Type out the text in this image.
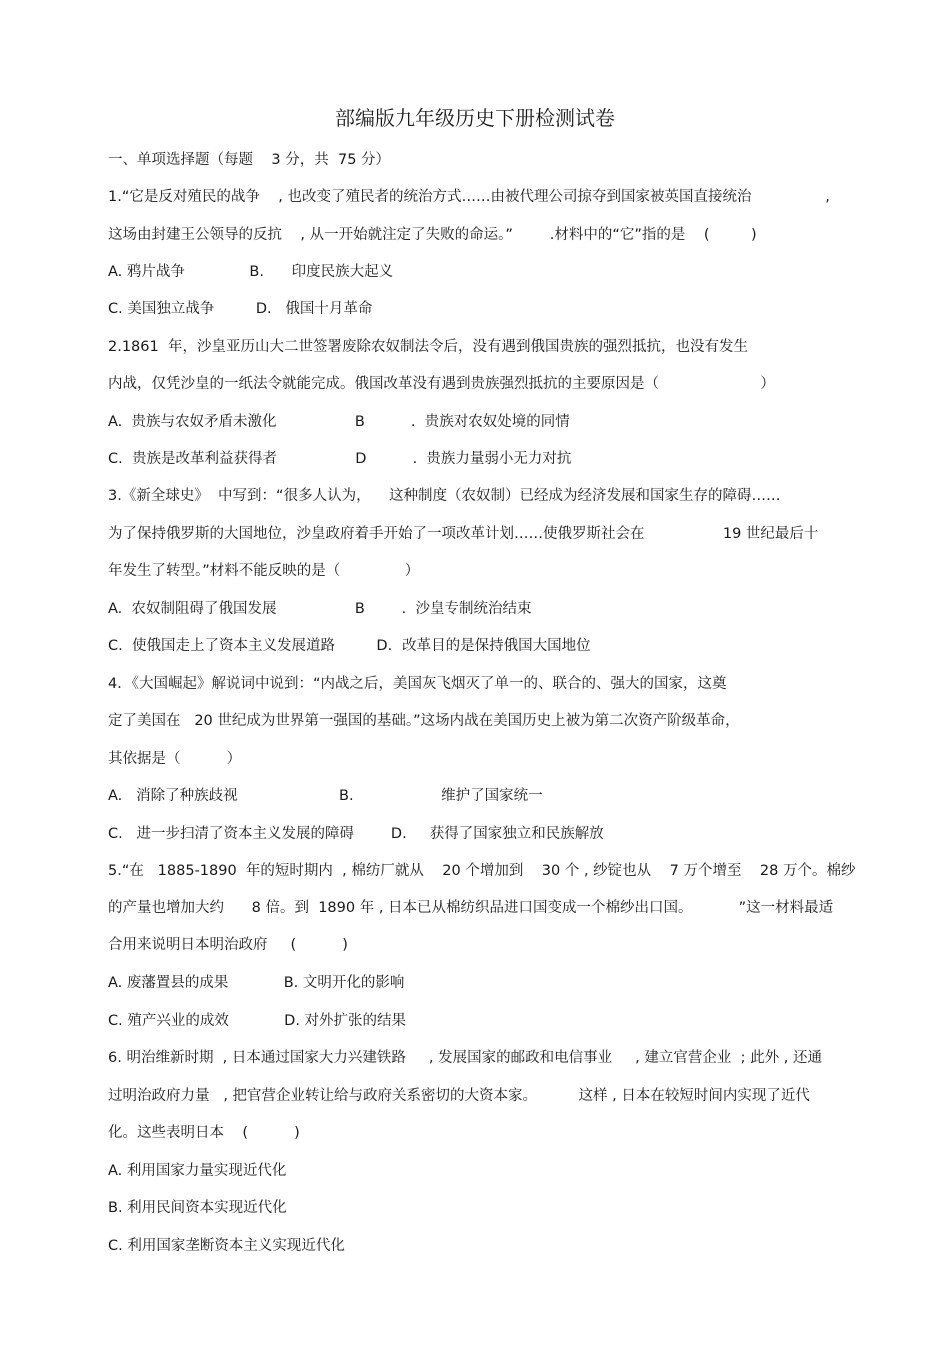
部编版九年级历史下册检测试卷
一、单项选择题（每题    3 分，共  75 分）
1.“它是反对殖民的战争    , 也改变了殖民者的统治方式……由被代理公司掠夺到国家被英国直接统治                ,
这场由封建王公领导的反抗    , 从一开始就注定了失败的命运。”        .材料中的“它”指的是    (         )
A. 鸦片战争              B.      印度民族大起义
C. 美国独立战争         D.   俄国十月革命
2.1861  年，沙皇亚历山大二世签署废除农奴制法令后，没有遇到俄国贵族的强烈抵抗，也没有发生
内战，仅凭沙皇的一纸法令就能完成。俄国改革没有遇到贵族强烈抵抗的主要原因是（                      ）
A.  贵族与农奴矛盾未激化                 B          .  贵族对农奴处境的同情
C.  贵族是改革利益获得者                 D          .  贵族力量弱小无力对抗
3.《新全球史》  中写到：“很多人认为，    这种制度（农奴制）已经成为经济发展和国家生存的障碍……
为了保持俄罗斯的大国地位，沙皇政府着手开始了一项改革计划……使俄罗斯社会在                 19 世纪最后十
年发生了转型。”材料不能反映的是（              ）
A.  农奴制阻碍了俄国发展                 B        .  沙皇专制统治结束
C.  使俄国走上了资本主义发展道路         D．改革目的是保持俄国大国地位
4．《大国崛起》解说词中说到：“内战之后，美国灰飞烟灭了单一的、联合的、强大的国家，这奠
定了美国在   20 世纪成为世界第一强国的基础。”这场内战在美国历史上被为第二次资产阶级革命，
其依据是（          ）
A.   消除了种族歧视                      B.                   维护了国家统一
C.   进一步扫清了资本主义发展的障碍        D.     获得了国家独立和民族解放
5.“在   1885-1890  年的短时期内  , 棉纺厂就从    20 个增加到    30 个 , 纱锭也从    7 万个增至    28 万个。棉纱
的产量也增加大约      8 倍。到  1890 年 , 日本已从棉纺织品进口国变成一个棉纱出口国。          ”这一材料最适
合用来说明日本明治政府     (          )
A. 废藩置县的成果            B. 文明开化的影响
C. 殖产兴业的成效            D. 对外扩张的结果
6. 明治维新时期  , 日本通过国家大力兴建铁路     , 发展国家的邮政和电信事业     , 建立官营企业  ; 此外 , 还通
过明治政府力量   , 把官营企业转让给与政府关系密切的大资本家。         这样 , 日本在较短时间内实现了近代
化。这些表明日本    (          )
A. 利用国家力量实现近代化
B. 利用民间资本实现近代化
C. 利用国家垄断资本主义实现近代化
